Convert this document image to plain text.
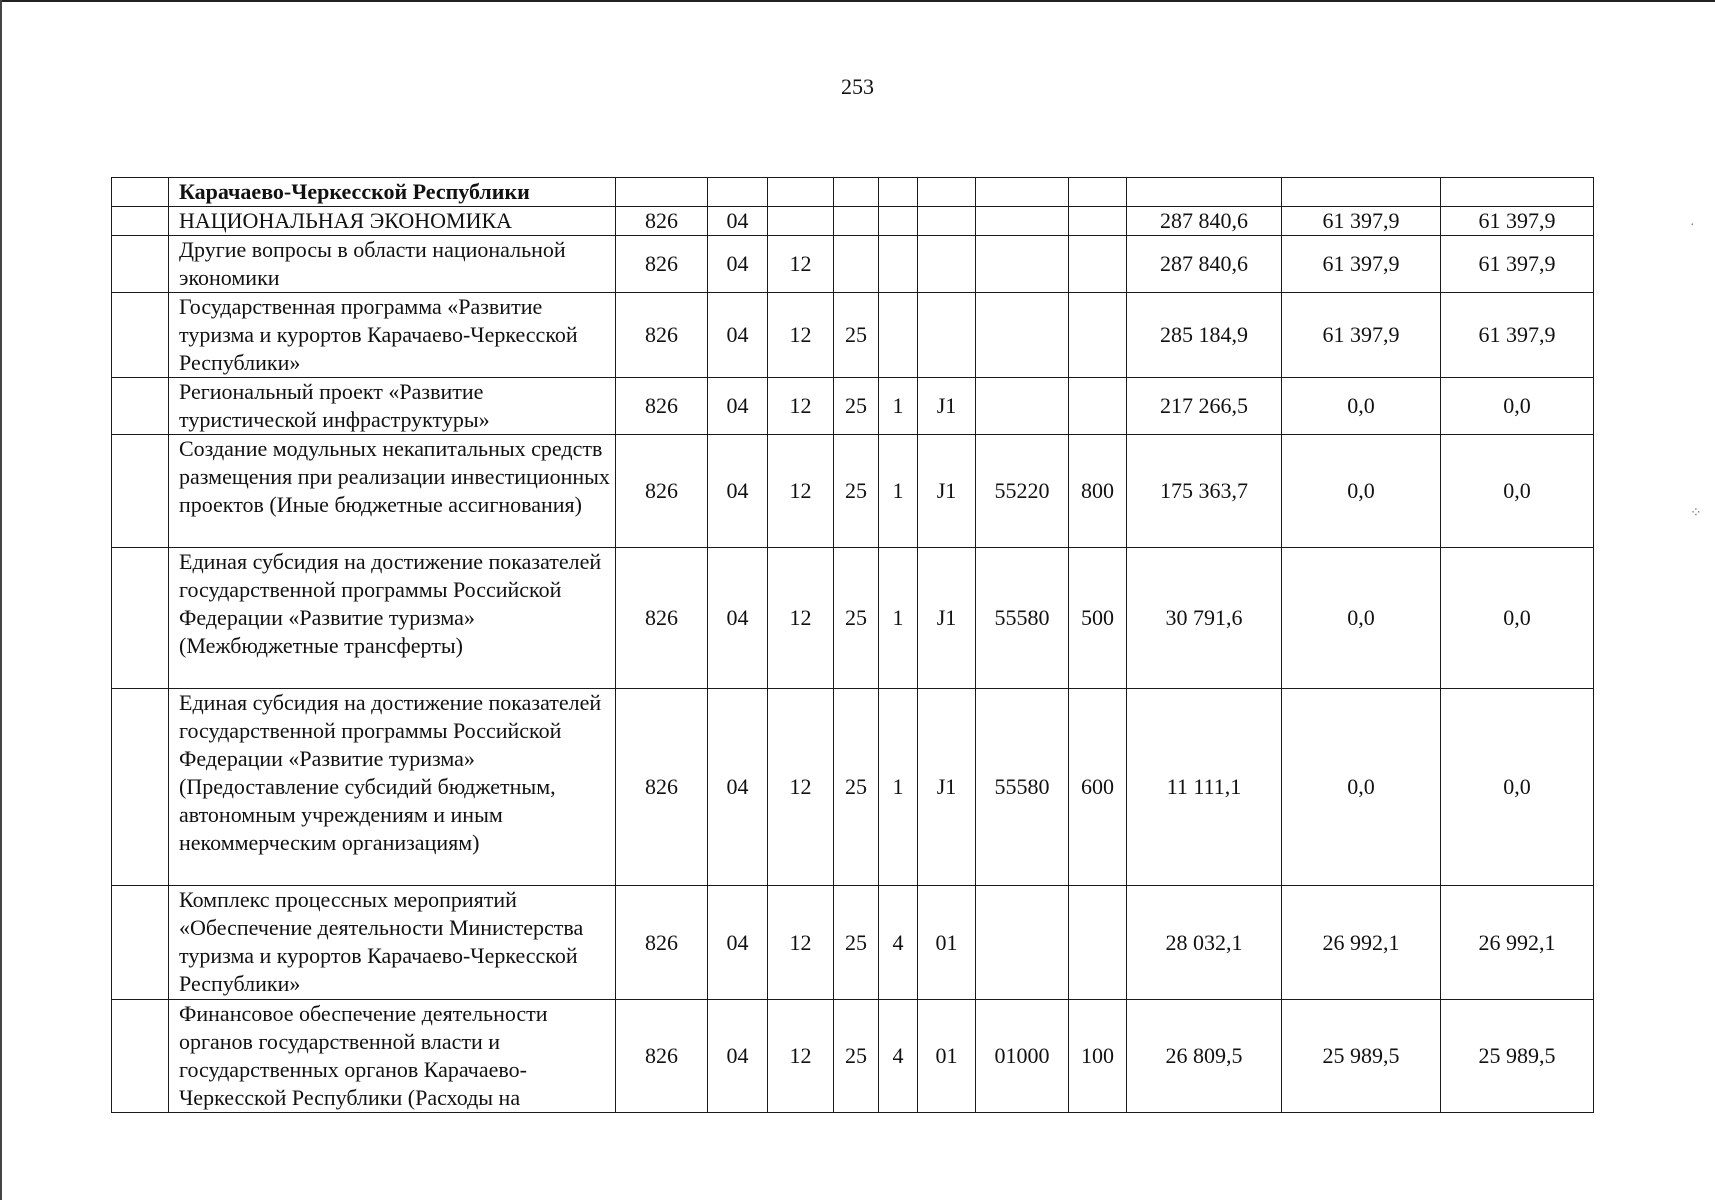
253
	Карачаево-Черкесской Республики											
	НАЦИОНАЛЬНАЯ ЭКОНОМИКА	826	04							287 840,6	61 397,9	61 397,9
	Другие вопросы в области национальной экономики	826	04	12						287 840,6	61 397,9	61 397,9
	Государственная программа «Развитие туризма и курортов Карачаево-Черкесской Республики»	826	04	12	25					285 184,9	61 397,9	61 397,9
	Региональный проект «Развитие туристической инфраструктуры»	826	04	12	25	1	J1			217 266,5	0,0	0,0
	Создание модульных некапитальных средств размещения при реализации инвестиционных проектов (Иные бюджетные ассигнования)	826	04	12	25	1	J1	55220	800	175 363,7	0,0	0,0
	Единая субсидия на достижение показателей государственной программы Российской Федерации «Развитие туризма» (Межбюджетные трансферты)	826	04	12	25	1	J1	55580	500	30 791,6	0,0	0,0
	Единая субсидия на достижение показателей государственной программы Российской Федерации «Развитие туризма» (Предоставление субсидий бюджетным, автономным учреждениям и иным некоммерческим организациям)	826	04	12	25	1	J1	55580	600	11 111,1	0,0	0,0
	Комплекс процессных мероприятий «Обеспечение деятельности Министерства туризма и курортов Карачаево-Черкесской Республики»	826	04	12	25	4	01			28 032,1	26 992,1	26 992,1
	Финансовое обеспечение деятельности органов государственной власти и государственных органов Карачаево-Черкесской Республики (Расходы на	826	04	12	25	4	01	01000	100	26 809,5	25 989,5	25 989,5
·
⁘
